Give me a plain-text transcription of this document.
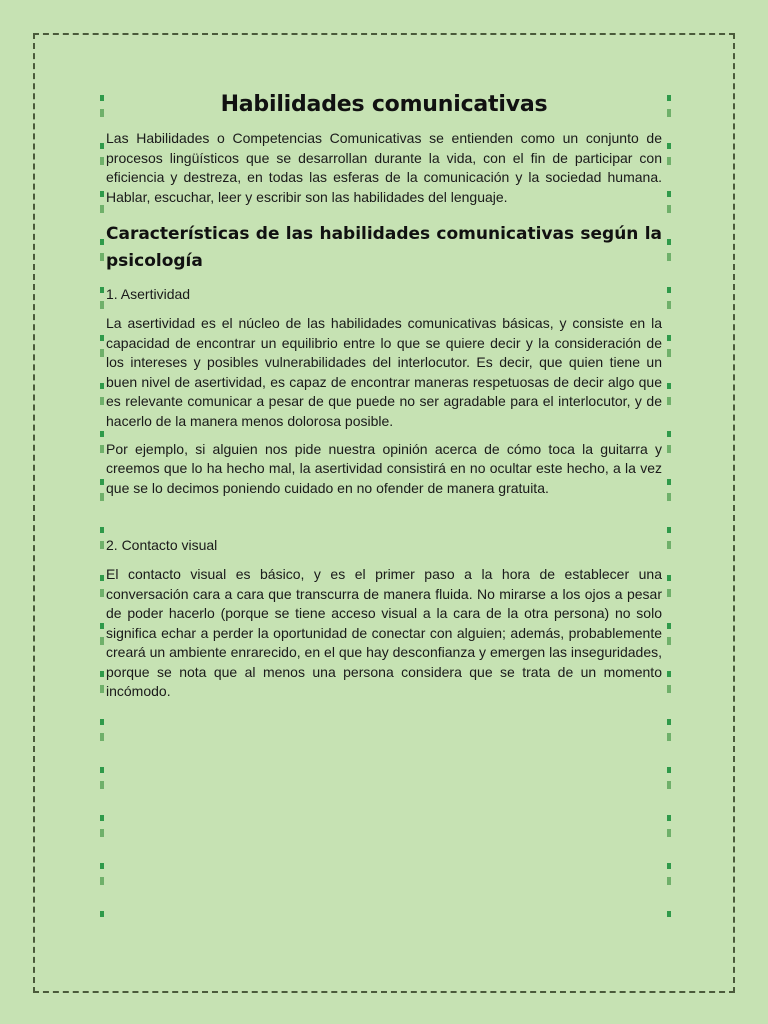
Habilidades comunicativas

Las Habilidades o Competencias Comunicativas se entienden como un conjunto de procesos lingüísticos que se desarrollan durante la vida, con el fin de participar con eficiencia y destreza, en todas las esferas de la comunicación y la sociedad humana. Hablar, escuchar, leer y escribir son las habilidades del lenguaje.

Características de las habilidades comunicativas según la psicología

1. Asertividad

La asertividad es el núcleo de las habilidades comunicativas básicas, y consiste en la capacidad de encontrar un equilibrio entre lo que se quiere decir y la consideración de los intereses y posibles vulnerabilidades del interlocutor. Es decir, que quien tiene un buen nivel de asertividad, es capaz de encontrar maneras respetuosas de decir algo que es relevante comunicar a pesar de que puede no ser agradable para el interlocutor, y de hacerlo de la manera menos dolorosa posible.

Por ejemplo, si alguien nos pide nuestra opinión acerca de cómo toca la guitarra y creemos que lo ha hecho mal, la asertividad consistirá en no ocultar este hecho, a la vez que se lo decimos poniendo cuidado en no ofender de manera gratuita.

2. Contacto visual

El contacto visual es básico, y es el primer paso a la hora de establecer una conversación cara a cara que transcurra de manera fluida. No mirarse a los ojos a pesar de poder hacerlo (porque se tiene acceso visual a la cara de la otra persona) no solo significa echar a perder la oportunidad de conectar con alguien; además, probablemente creará un ambiente enrarecido, en el que hay desconfianza y emergen las inseguridades, porque se nota que al menos una persona considera que se trata de un momento incómodo.
